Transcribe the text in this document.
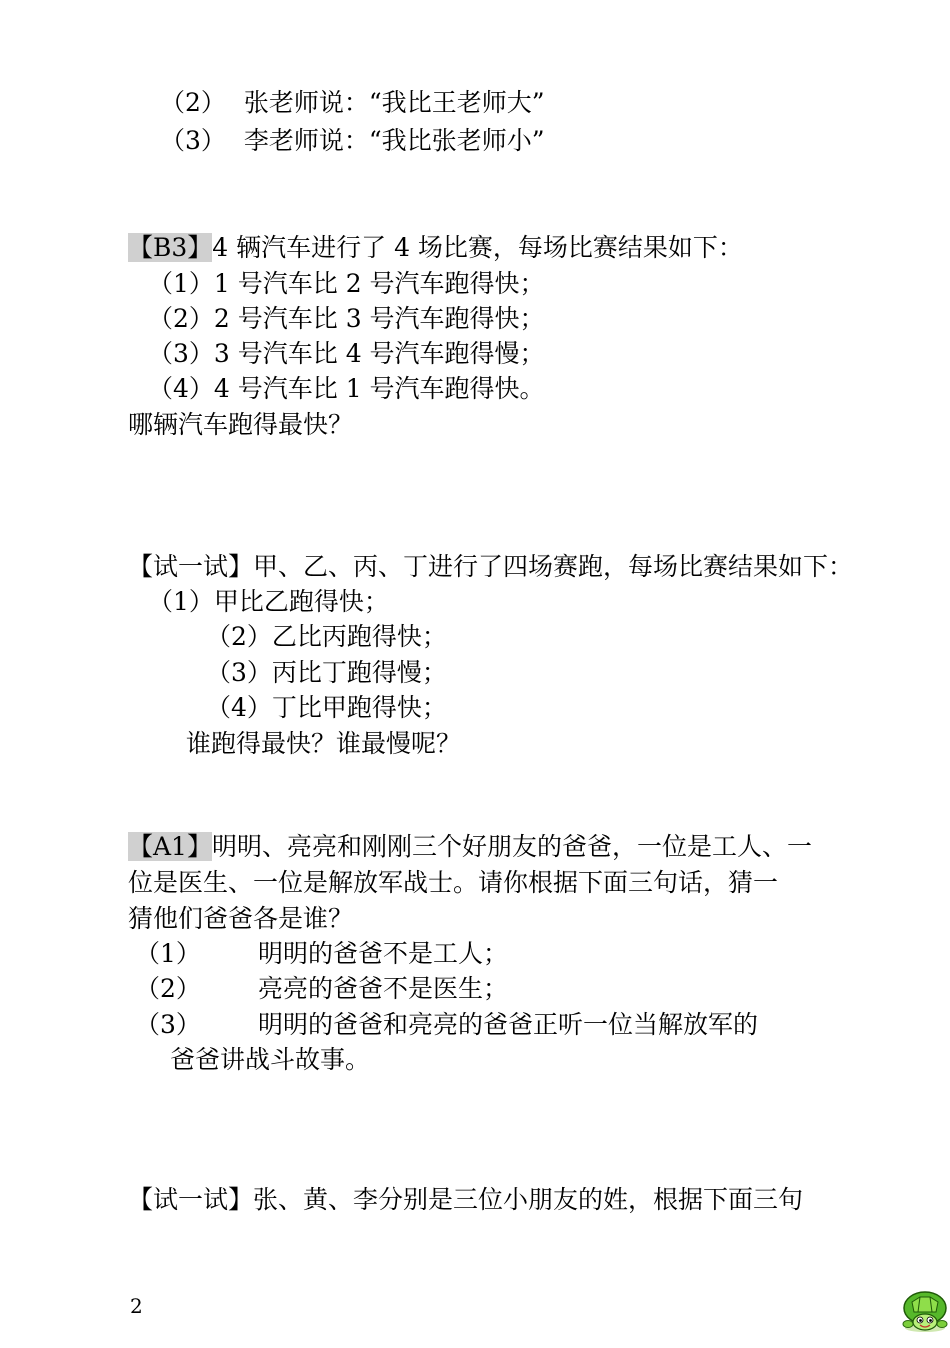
（2） 张老师说：“我比王老师大”
（3） 李老师说：“我比张老师小”
【B3】4 辆汽车进行了 4 场比赛，每场比赛结果如下：
（1）1 号汽车比 2 号汽车跑得快；
（2）2 号汽车比 3 号汽车跑得快；
（3）3 号汽车比 4 号汽车跑得慢；
（4）4 号汽车比 1 号汽车跑得快。
哪辆汽车跑得最快？
【试一试】甲、乙、丙、丁进行了四场赛跑，每场比赛结果如下：
（1）甲比乙跑得快；
（2）乙比丙跑得快；
（3）丙比丁跑得慢；
（4）丁比甲跑得快；
谁跑得最快？谁最慢呢？
【A1】明明、亮亮和刚刚三个好朋友的爸爸，一位是工人、一
位是医生、一位是解放军战士。请你根据下面三句话，猜一
猜他们爸爸各是谁？
（1） 明明的爸爸不是工人；
（2） 亮亮的爸爸不是医生；
（3） 明明的爸爸和亮亮的爸爸正听一位当解放军的
爸爸讲战斗故事。
【试一试】张、黄、李分别是三位小朋友的姓，根据下面三句
2
